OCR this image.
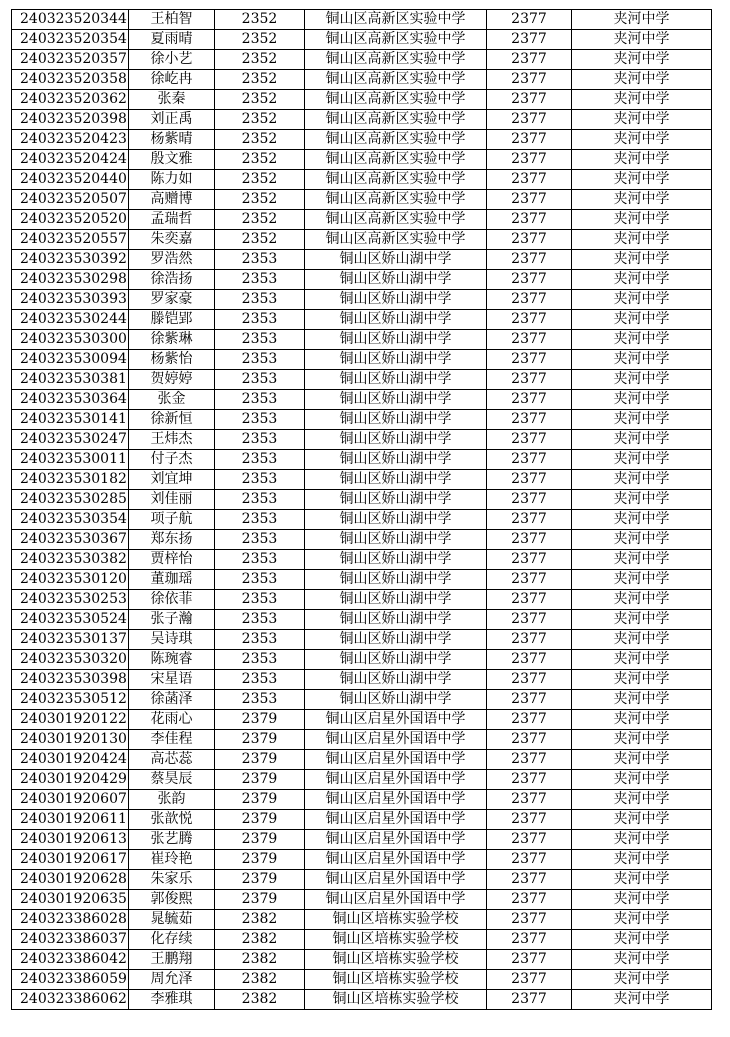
240323520344	王柏智	2352	铜山区高新区实验中学	2377	夹河中学
240323520354	夏雨晴	2352	铜山区高新区实验中学	2377	夹河中学
240323520357	徐小艺	2352	铜山区高新区实验中学	2377	夹河中学
240323520358	徐屹冉	2352	铜山区高新区实验中学	2377	夹河中学
240323520362	张秦	2352	铜山区高新区实验中学	2377	夹河中学
240323520398	刘正禹	2352	铜山区高新区实验中学	2377	夹河中学
240323520423	杨紫晴	2352	铜山区高新区实验中学	2377	夹河中学
240323520424	殷文雅	2352	铜山区高新区实验中学	2377	夹河中学
240323520440	陈力如	2352	铜山区高新区实验中学	2377	夹河中学
240323520507	高赠博	2352	铜山区高新区实验中学	2377	夹河中学
240323520520	孟瑞哲	2352	铜山区高新区实验中学	2377	夹河中学
240323520557	朱奕嘉	2352	铜山区高新区实验中学	2377	夹河中学
240323530392	罗浩然	2353	铜山区娇山湖中学	2377	夹河中学
240323530298	徐浩扬	2353	铜山区娇山湖中学	2377	夹河中学
240323530393	罗家豪	2353	铜山区娇山湖中学	2377	夹河中学
240323530244	滕铠郢	2353	铜山区娇山湖中学	2377	夹河中学
240323530300	徐紫琳	2353	铜山区娇山湖中学	2377	夹河中学
240323530094	杨紫怡	2353	铜山区娇山湖中学	2377	夹河中学
240323530381	贺婷婷	2353	铜山区娇山湖中学	2377	夹河中学
240323530364	张金	2353	铜山区娇山湖中学	2377	夹河中学
240323530141	徐新恒	2353	铜山区娇山湖中学	2377	夹河中学
240323530247	王炜杰	2353	铜山区娇山湖中学	2377	夹河中学
240323530011	付子杰	2353	铜山区娇山湖中学	2377	夹河中学
240323530182	刘宜坤	2353	铜山区娇山湖中学	2377	夹河中学
240323530285	刘佳丽	2353	铜山区娇山湖中学	2377	夹河中学
240323530354	项子航	2353	铜山区娇山湖中学	2377	夹河中学
240323530367	郑东扬	2353	铜山区娇山湖中学	2377	夹河中学
240323530382	贾梓怡	2353	铜山区娇山湖中学	2377	夹河中学
240323530120	董珈瑶	2353	铜山区娇山湖中学	2377	夹河中学
240323530253	徐依菲	2353	铜山区娇山湖中学	2377	夹河中学
240323530524	张子瀚	2353	铜山区娇山湖中学	2377	夹河中学
240323530137	吴诗琪	2353	铜山区娇山湖中学	2377	夹河中学
240323530320	陈琬睿	2353	铜山区娇山湖中学	2377	夹河中学
240323530398	宋星语	2353	铜山区娇山湖中学	2377	夹河中学
240323530512	徐菡泽	2353	铜山区娇山湖中学	2377	夹河中学
240301920122	花雨心	2379	铜山区启星外国语中学	2377	夹河中学
240301920130	李佳程	2379	铜山区启星外国语中学	2377	夹河中学
240301920424	高芯蕊	2379	铜山区启星外国语中学	2377	夹河中学
240301920429	蔡昊辰	2379	铜山区启星外国语中学	2377	夹河中学
240301920607	张韵	2379	铜山区启星外国语中学	2377	夹河中学
240301920611	张歆悦	2379	铜山区启星外国语中学	2377	夹河中学
240301920613	张艺腾	2379	铜山区启星外国语中学	2377	夹河中学
240301920617	崔玲艳	2379	铜山区启星外国语中学	2377	夹河中学
240301920628	朱家乐	2379	铜山区启星外国语中学	2377	夹河中学
240301920635	郭俊熙	2379	铜山区启星外国语中学	2377	夹河中学
240323386028	晁毓茹	2382	铜山区培栋实验学校	2377	夹河中学
240323386037	化存续	2382	铜山区培栋实验学校	2377	夹河中学
240323386042	王鹏翔	2382	铜山区培栋实验学校	2377	夹河中学
240323386059	周允泽	2382	铜山区培栋实验学校	2377	夹河中学
240323386062	李雅琪	2382	铜山区培栋实验学校	2377	夹河中学
